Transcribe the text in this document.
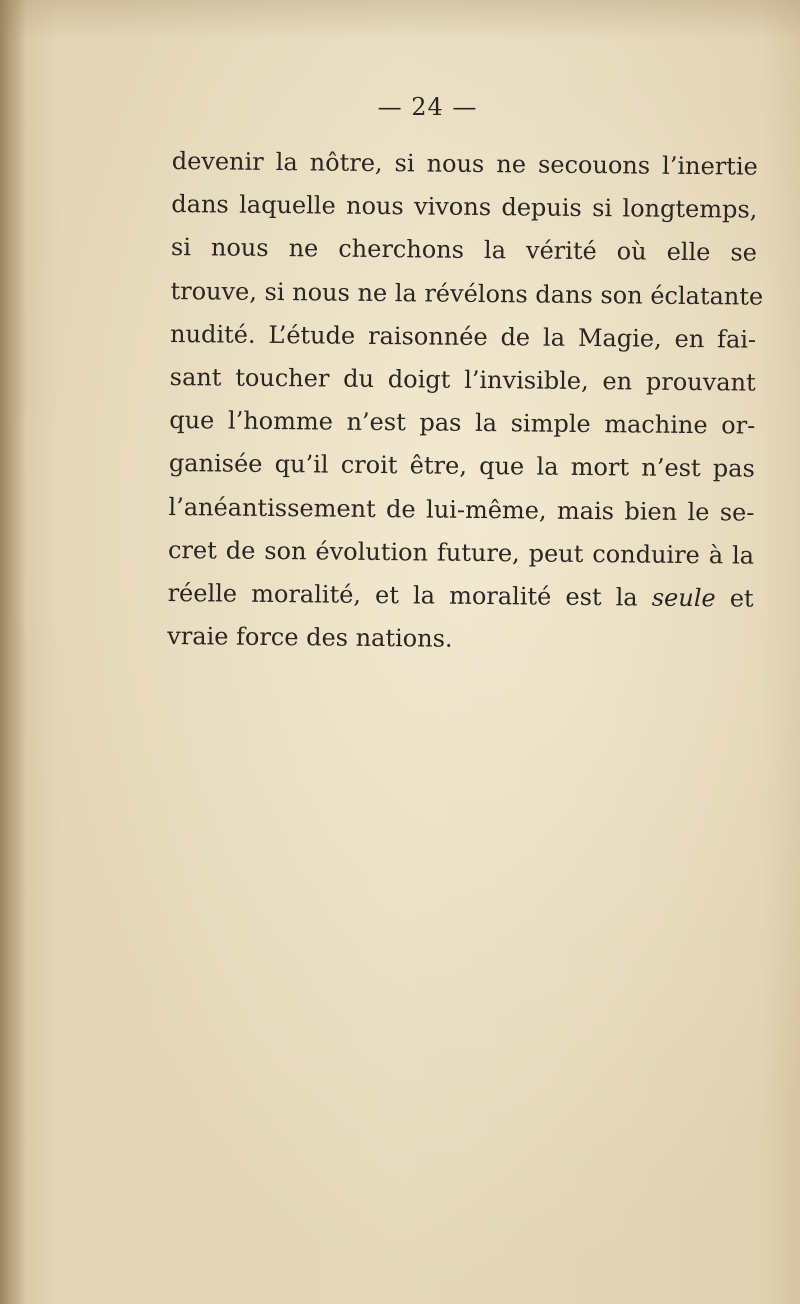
— 24 —
devenir la nôtre, si nous ne secouons l’inertie
dans laquelle nous vivons depuis si longtemps,
si nous ne cherchons la vérité où elle se
trouve, si nous ne la révélons dans son éclatante
nudité. L’étude raisonnée de la Magie, en fai-
sant toucher du doigt l’invisible, en prouvant
que l’homme n’est pas la simple machine or-
ganisée qu’il croit être, que la mort n’est pas
l’anéantissement de lui-même, mais bien le se-
cret de son évolution future, peut conduire à la
réelle moralité, et la moralité est la seule et
vraie force des nations.
